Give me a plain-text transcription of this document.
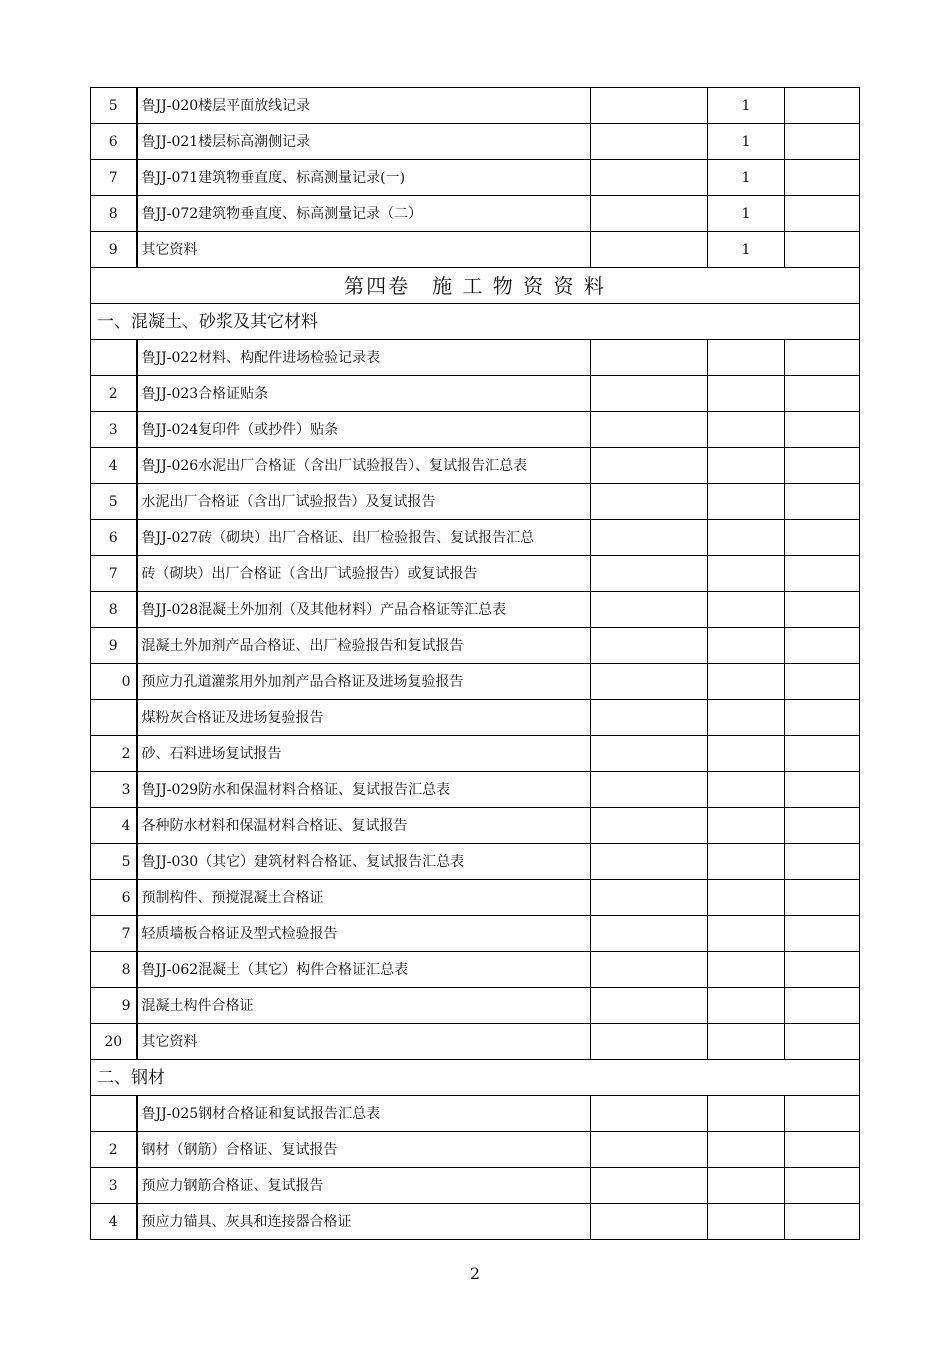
5	鲁JJ-020楼层平面放线记录		1	
6	鲁JJ-021楼层标高潮侧记录		1	
7	鲁JJ-071建筑物垂直度、标高测量记录(一)		1	
8	鲁JJ-072建筑物垂直度、标高测量记录（二）		1	
9	其它资料		1	
第四卷 施 工 物 资 资 料				
一、混凝土、砂浆及其它材料				
	鲁JJ-022材料、构配件进场检验记录表			
2	鲁JJ-023合格证贴条			
3	鲁JJ-024复印件（或抄件）贴条			
4	鲁JJ-026水泥出厂合格证（含出厂试验报告）、复试报告汇总表			
5	水泥出厂合格证（含出厂试验报告）及复试报告			
6	鲁JJ-027砖（砌块）出厂合格证、出厂检验报告、复试报告汇总			
7	砖（砌块）出厂合格证（含出厂试验报告）或复试报告			
8	鲁JJ-028混凝土外加剂（及其他材料）产品合格证等汇总表			
9	混凝土外加剂产品合格证、出厂检验报告和复试报告			
0	预应力孔道灌浆用外加剂产品合格证及进场复验报告			
	煤粉灰合格证及进场复验报告			
2	砂、石料进场复试报告			
3	鲁JJ-029防水和保温材料合格证、复试报告汇总表			
4	各种防水材料和保温材料合格证、复试报告			
5	鲁JJ-030（其它）建筑材料合格证、复试报告汇总表			
6	预制构件、预搅混凝土合格证			
7	轻质墙板合格证及型式检验报告			
8	鲁JJ-062混凝土（其它）构件合格证汇总表			
9	混凝土构件合格证			
20	其它资料			
二、钢材				
	鲁JJ-025钢材合格证和复试报告汇总表			
2	钢材（钢筋）合格证、复试报告			
3	预应力钢筋合格证、复试报告			
4	预应力锚具、灰具和连接器合格证			
2
